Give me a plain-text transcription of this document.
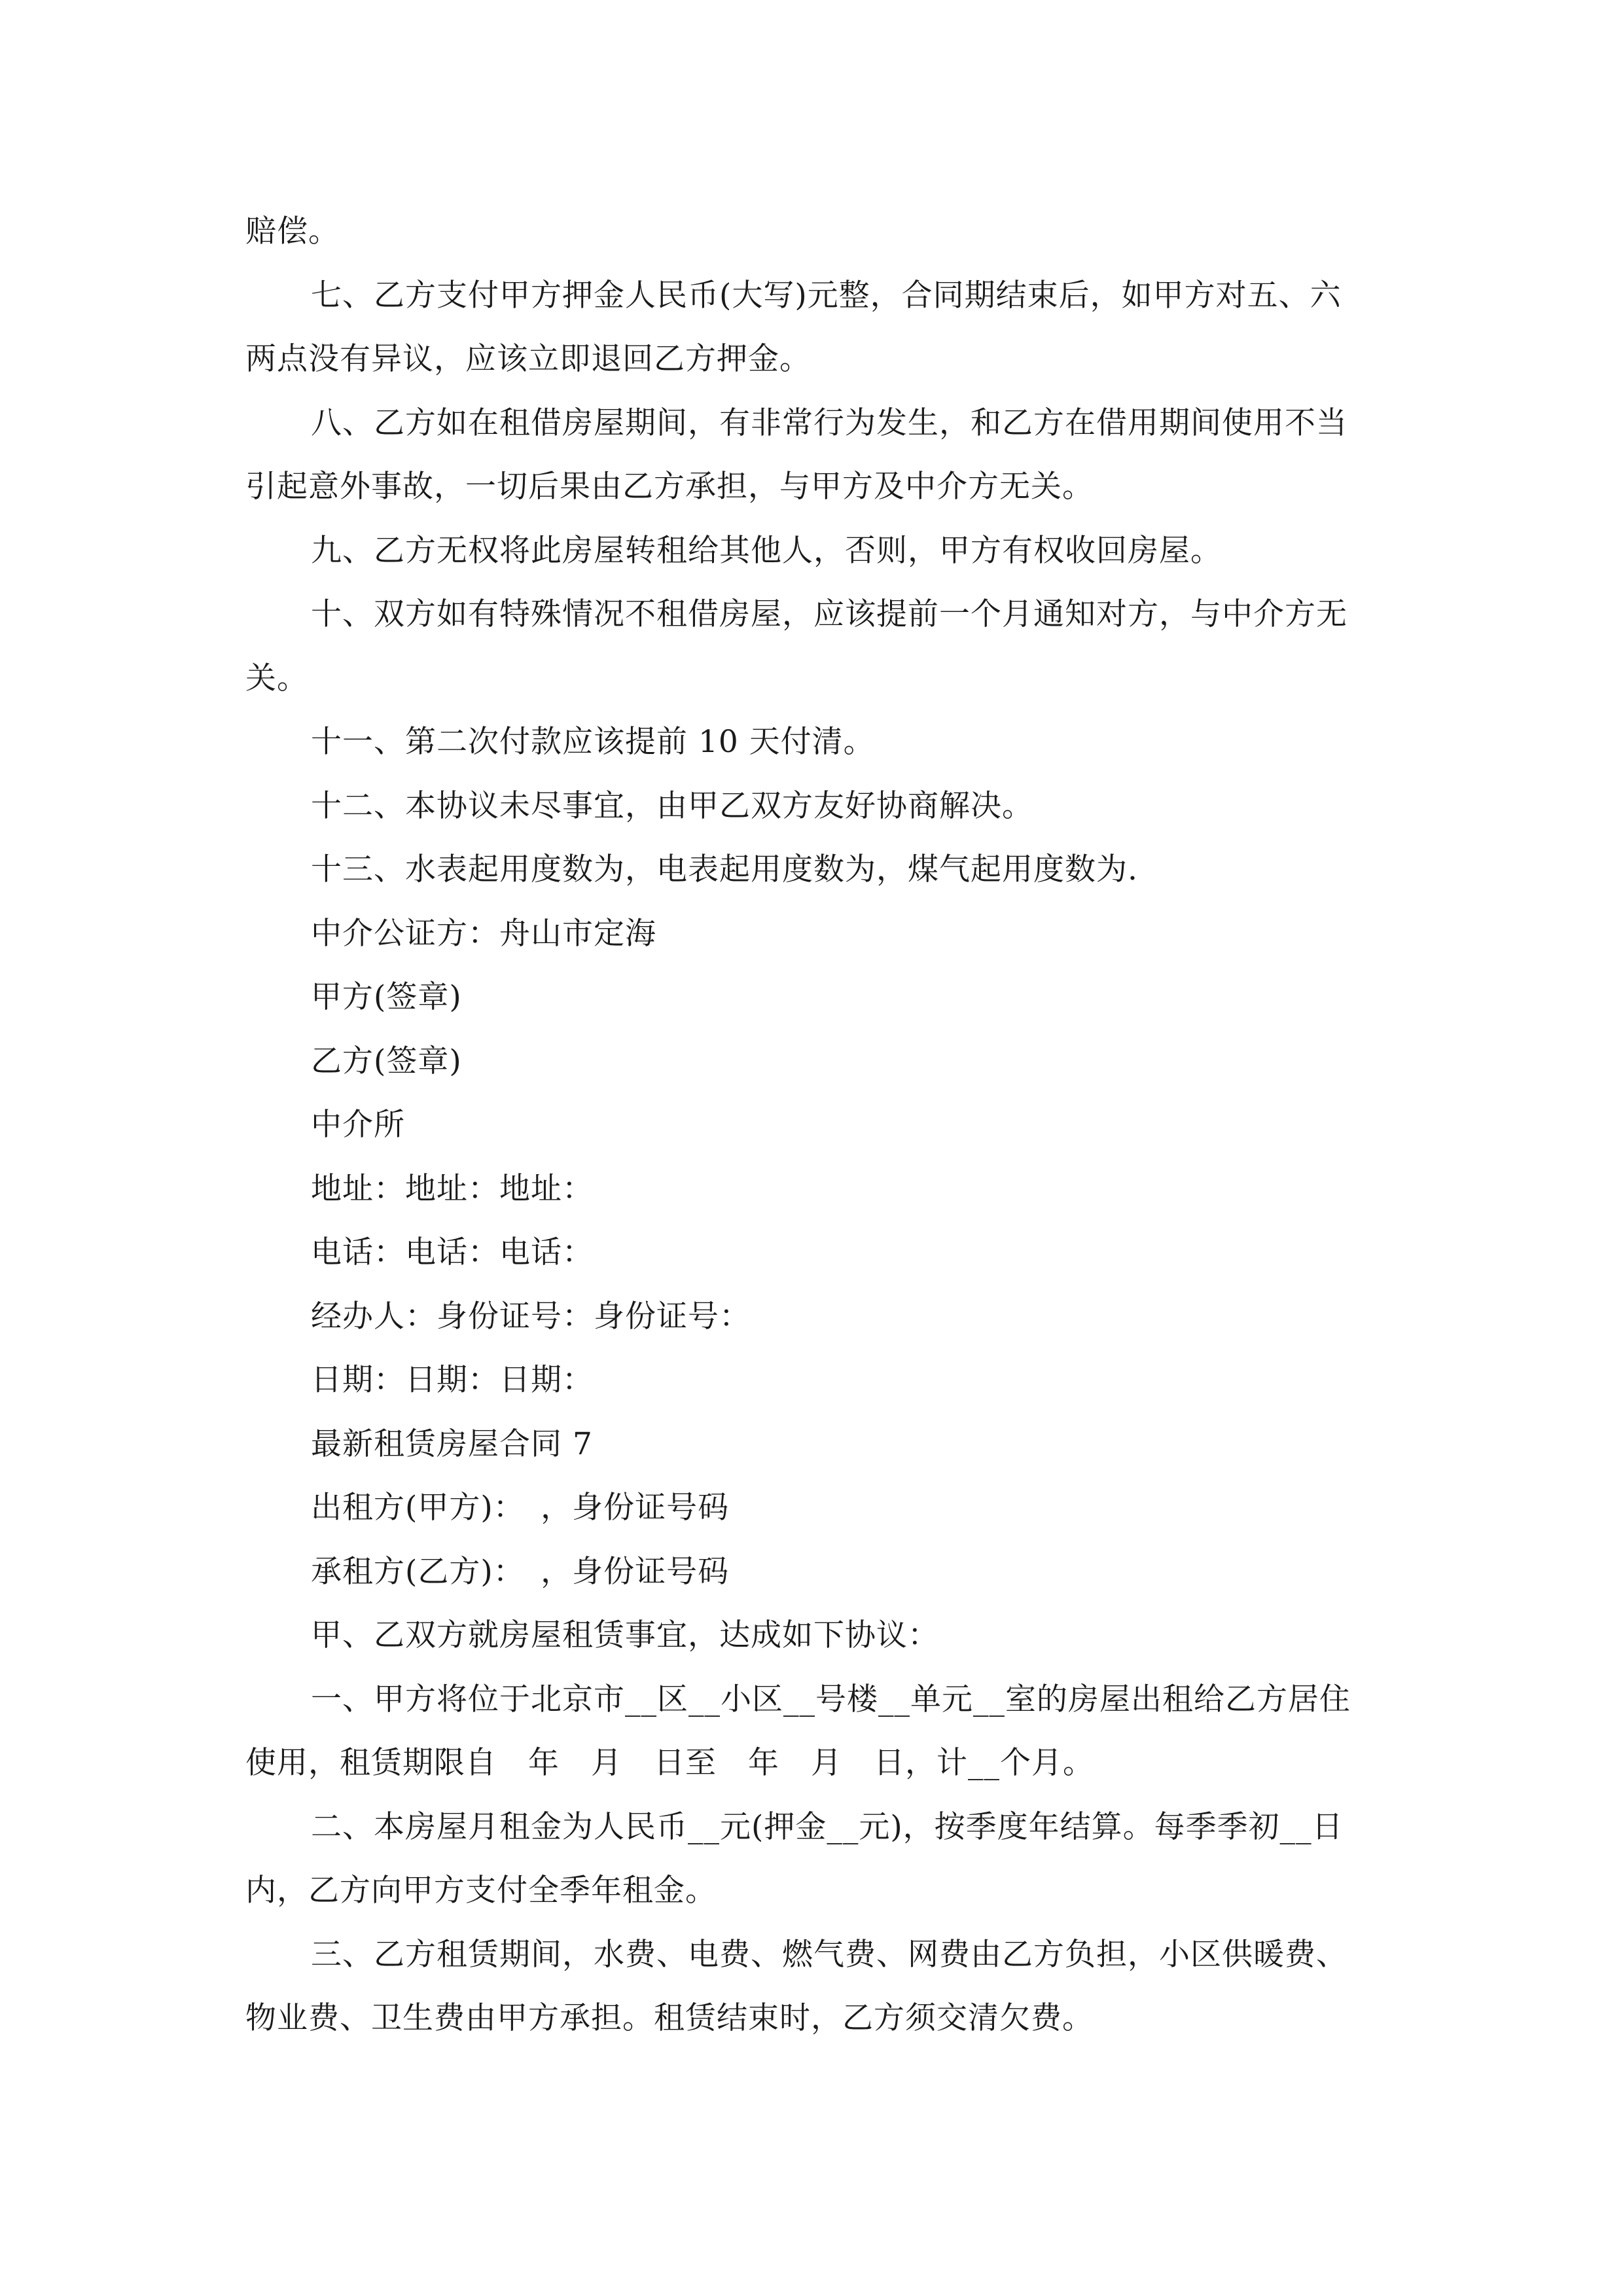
赔偿。
七、乙方支付甲方押金人民币(大写)元整，合同期结束后，如甲方对五、六
两点没有异议，应该立即退回乙方押金。
八、乙方如在租借房屋期间，有非常行为发生，和乙方在借用期间使用不当
引起意外事故，一切后果由乙方承担，与甲方及中介方无关。
九、乙方无权将此房屋转租给其他人，否则，甲方有权收回房屋。
十、双方如有特殊情况不租借房屋，应该提前一个月通知对方，与中介方无
关。
十一、第二次付款应该提前 10 天付清。
十二、本协议未尽事宜，由甲乙双方友好协商解决。
十三、水表起用度数为，电表起用度数为，煤气起用度数为.
中介公证方：舟山市定海
甲方(签章)
乙方(签章)
中介所
地址：地址：地址：
电话：电话：电话：
经办人：身份证号：身份证号：
日期：日期：日期：
最新租赁房屋合同 7
出租方(甲方)：　，身份证号码
承租方(乙方)：　，身份证号码
甲、乙双方就房屋租赁事宜，达成如下协议：
一、甲方将位于北京市__区__小区__号楼__单元__室的房屋出租给乙方居住
使用，租赁期限自　年　月　日至　年　月　日，计__个月。
二、本房屋月租金为人民币__元(押金__元)，按季度年结算。每季季初__日
内，乙方向甲方支付全季年租金。
三、乙方租赁期间，水费、电费、燃气费、网费由乙方负担，小区供暖费、
物业费、卫生费由甲方承担。租赁结束时，乙方须交清欠费。
